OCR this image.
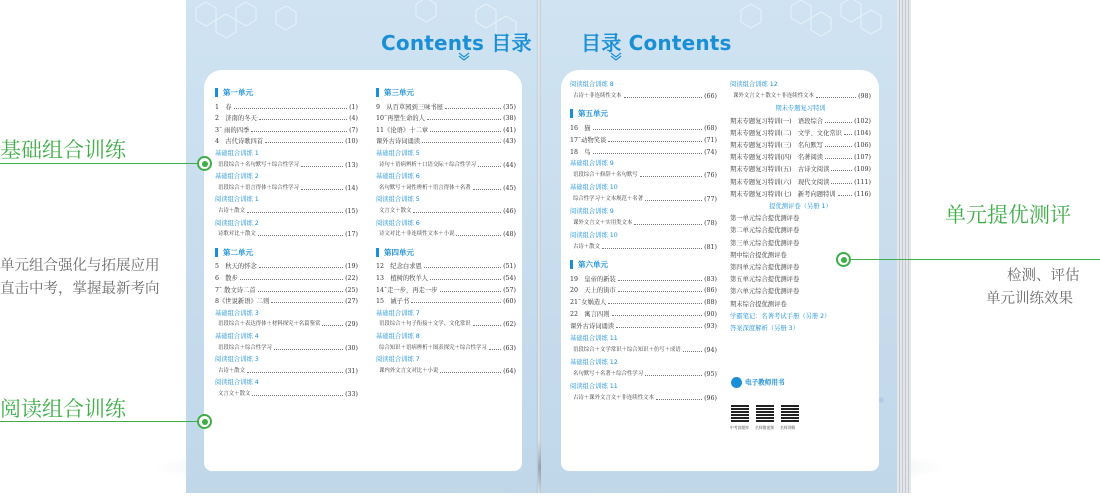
Contents 目录
第一单元
1　春	(1)
2　济南的冬天	(4)
3ˉ 雨的四季	(7)
4　古代诗歌四首	(10)
基础组合训练 1
语段综合＋名句默写＋综合性学习	(13)
基础组合训练 2
语段综合＋语言得体＋综合性学习	(14)
阅读组合训练 1
古诗＋散文	(15)
阅读组合训练 2
诗歌对比＋散文	(17)
第二单元
5　秋天的怀念	(19)
6　散步	(22)
7ˉ 散文诗二首	(25)
8《世说新语》二则	(27)
基础组合训练 3
语段综合＋表达得体＋材料探究＋名篇鉴赏	(29)
基础组合训练 4
语段综合＋综合性学习	(30)
阅读组合训练 3
古诗＋散文	(31)
阅读组合训练 4
文言文＋散文	(33)
第三单元
9　从百草园到三味书屋	(35)
10ˉ再塑生命的人	(38)
11《论语》十二章	(41)
课外古诗词诵读	(43)
基础组合训练 5
诗句＋语病辨析＋口语交际＋综合性学习	(44)
基础组合训练 6
名句默写＋词性辨析＋语言得体＋名著	(45)
阅读组合训练 5
文言文＋散文	(46)
阅读组合训练 6
诗文对比＋非连续性文本＋小说	(48)
第四单元
12　纪念白求恩	(51)
13　植树的牧羊人	(54)
14ˉ走一步，再走一步	(57)
15　诫子书	(60)
基础组合训练 7
语段综合＋句子衔接＋文学、文化常识	(62)
基础组合训练 8
综合知识＋语病辨析＋图表探究＋综合性学习	(63)
阅读组合训练 7
课内外文言文对比＋小说	(64)
目录 Contents
阅读组合训练 8
古诗＋非连续性文本	(66)
第五单元
16　猫	(68)
17ˉ动物笑谈	(71)
18　鸟	(74)
基础组合训练 9
语段综合＋修辞＋名句默写	(76)
基础组合训练 10
综合性学习＋文本规范＋名著	(77)
阅读组合训练 9
课外文言文＋实用类文本	(78)
阅读组合训练 10
古诗＋散文	(81)
第六单元
19　皇帝的新装	(83)
20　天上的街市	(86)
21ˉ女娲造人	(88)
22　寓言四则	(90)
课外古诗词诵读	(93)
基础组合训练 11
语段综合＋文学常识＋综合知识＋仿写＋成语	(94)
基础组合训练 12
名句默写＋名著＋综合性学习	(95)
阅读组合训练 11
古诗＋课外文言文＋非连续性文本	(96)
阅读组合训练 12
课外文言文＋散文＋非连续性文本	(98)
期末专题复习特训
期末专题复习特训(一)　语段综合	(102)
期末专题复习特训(二)　文学、文化常识 (104)
期末专题复习特训(三)　名句默写	(106)
期末专题复习特训(四)　名著阅读	(107)
期末专题复习特训(五)　古诗文阅读	(109)
期末专题复习特训(六)　现代文阅读	(111)
期末专题复习特训(七)　新考向题特训	(116)
提优测评卷（另册 1）
第一单元综合提优测评卷
第二单元综合提优测评卷
第三单元综合提优测评卷
期中综合提优测评卷
第四单元综合提优测评卷
第五单元综合提优测评卷
第六单元综合提优测评卷
期末综合提优测评卷
学霸笔记：名著考试手册（另册 2）
答案深度解析（另册 3）
电子教师用书
中考真题库 名师微视频 名师讲解
基础组合训练
单元组合强化与拓展应用
直击中考，掌握最新考向
阅读组合训练
单元提优测评
检测、评估
单元训练效果
